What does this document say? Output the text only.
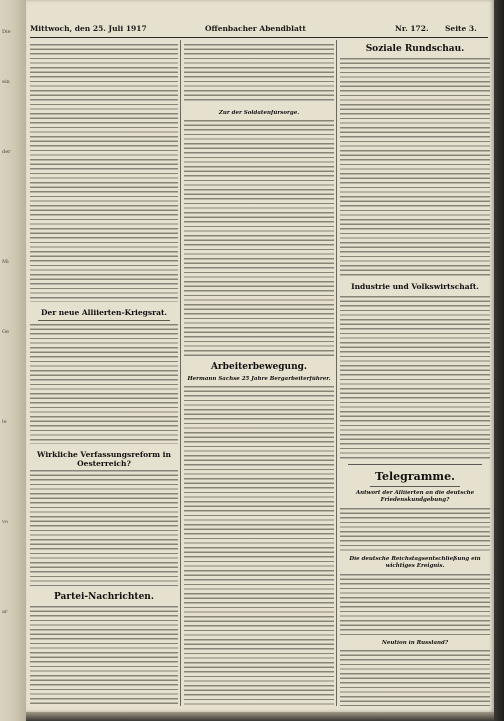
Die
ein
der
Mi
Ge
le
vo
ar
Mittwoch, den 25. Juli 1917	Offenbacher Abendblatt	Nr. 172. Seite 3.
Der neue Alliierten-Kriegsrat.
Wirkliche Verfassungsreform in Oesterreich?
Partei-Nachrichten.
Zur der Soldatenfürsorge.
Arbeiterbewegung.
Hermann Sachse 25 Jahre Bergarbeiterführer.
Soziale Rundschau.
Industrie und Volkswirtschaft.
Telegramme.
Antwort der Alliierten an die deutsche Friedenskundgebung?
Die deutsche Reichstagsentschließung ein wichtiges Ereignis.
Neution in Russland?
